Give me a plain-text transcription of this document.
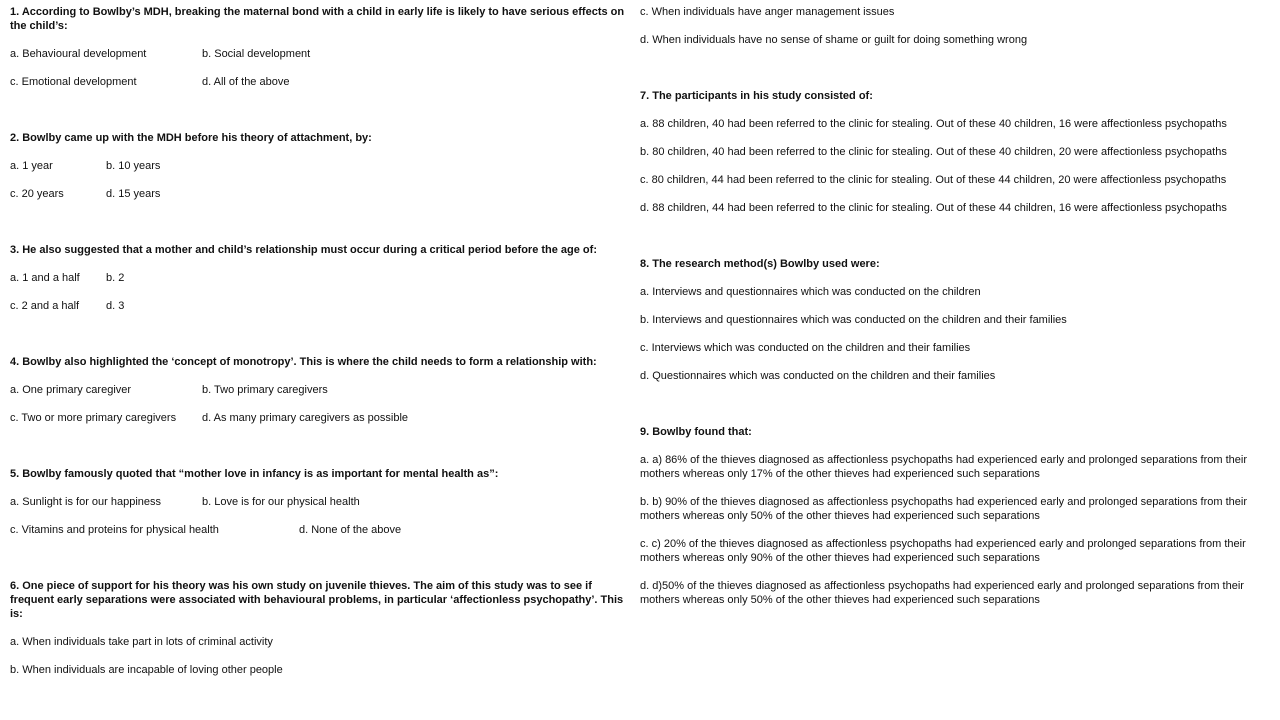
1. According to Bowlby’s MDH, breaking the maternal bond with a child in early life is likely to have serious effects on the child’s:

a. Behavioural development	b. Social development
c. Emotional development	d. All of the above

2. Bowlby came up with the MDH before his theory of attachment, by:

a. 1 year	b. 10 years
c. 20 years	d. 15 years

3. He also suggested that a mother and child’s relationship must occur during a critical period before the age of:

a. 1 and a half	b. 2
c. 2 and a half	d. 3

4. Bowlby also highlighted the ‘concept of monotropy’. This is where the child needs to form a relationship with:

a. One primary caregiver	b. Two primary caregivers
c. Two or more primary caregivers	d. As many primary caregivers as possible

5. Bowlby famously quoted that “mother love in infancy is as important for mental health as”:

a. Sunlight is for our happiness	b. Love is for our physical health
c. Vitamins and proteins for physical health	d. None of the above

6. One piece of support for his theory was his own study on juvenile thieves. The aim of this study was to see if frequent early separations were associated with behavioural problems, in particular ‘affectionless psychopathy’. This is:

a. When individuals take part in lots of criminal activity

b. When individuals are incapable of loving other people

c. When individuals have anger management issues

d. When individuals have no sense of shame or guilt for doing something wrong

7. The participants in his study consisted of:

a. 88 children, 40 had been referred to the clinic for stealing. Out of these 40 children, 16 were affectionless psychopaths

b. 80 children, 40 had been referred to the clinic for stealing. Out of these 40 children, 20 were affectionless psychopaths

c. 80 children, 44 had been referred to the clinic for stealing. Out of these 44 children, 20 were affectionless psychopaths

d. 88 children, 44 had been referred to the clinic for stealing. Out of these 44 children, 16 were affectionless psychopaths

8. The research method(s) Bowlby used were:

a. Interviews and questionnaires which was conducted on the children

b. Interviews and questionnaires which was conducted on the children and their families

c. Interviews which was conducted on the children and their families

d. Questionnaires which was conducted on the children and their families

9. Bowlby found that:

a. a) 86% of the thieves diagnosed as affectionless psychopaths had experienced early and prolonged separations from their mothers whereas only 17% of the other thieves had experienced such separations

b. b) 90% of the thieves diagnosed as affectionless psychopaths had experienced early and prolonged separations from their mothers whereas only 50% of the other thieves had experienced such separations

c. c) 20% of the thieves diagnosed as affectionless psychopaths had experienced early and prolonged separations from their mothers whereas only 90% of the other thieves had experienced such separations

d. d)50% of the thieves diagnosed as affectionless psychopaths had experienced early and prolonged separations from their mothers whereas only 50% of the other thieves had experienced such separations
